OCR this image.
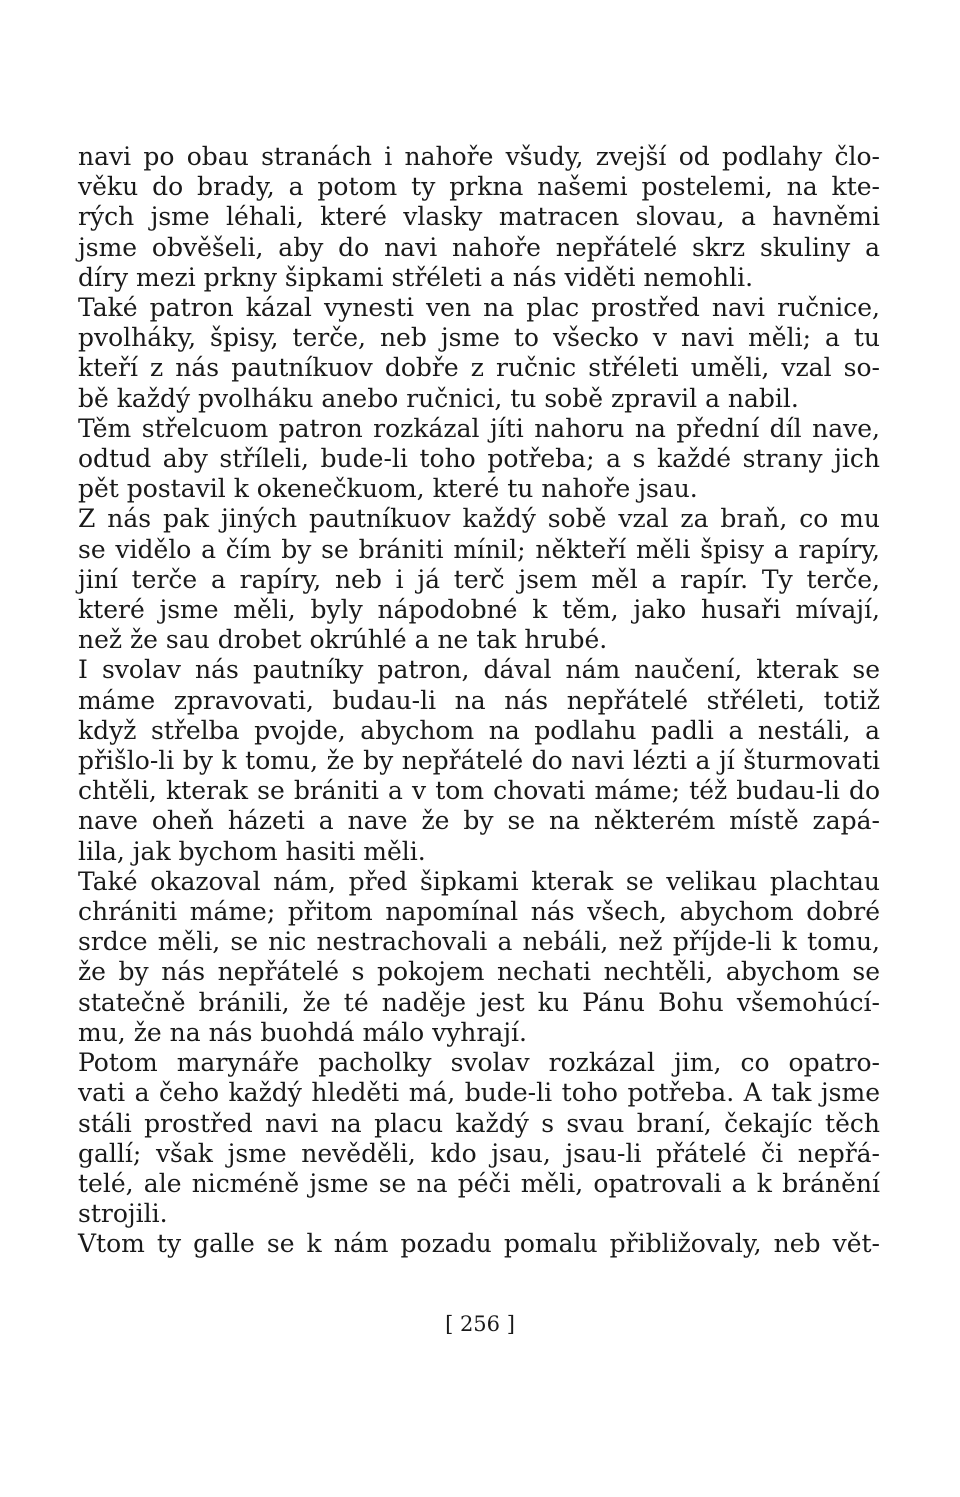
navi po obau stranách i nahoře všudy, zvejší od podlahy člo-
věku do brady, a potom ty prkna našemi postelemi, na kte-
rých jsme léhali, které vlasky matracen slovau, a havněmi
jsme obvěšeli, aby do navi nahoře nepřátelé skrz skuliny a
díry mezi prkny šipkami střéleti a nás viděti nemohli.
Také patron kázal vynesti ven na plac prostřed navi ručnice,
pvolháky, špisy, terče, neb jsme to všecko v navi měli; a tu
kteří z nás pautníkuov dobře z ručnic střéleti uměli, vzal so-
bě každý pvolháku anebo ručnici, tu sobě zpravil a nabil.
Těm střelcuom patron rozkázal jíti nahoru na přední díl nave,
odtud aby stříleli, bude-li toho potřeba; a s každé strany jich
pět postavil k okenečkuom, které tu nahoře jsau.
Z nás pak jiných pautníkuov každý sobě vzal za braň, co mu
se vidělo a čím by se brániti mínil; někteří měli špisy a rapíry,
jiní terče a rapíry, neb i já terč jsem měl a rapír. Ty terče,
které jsme měli, byly nápodobné k těm, jako husaři mívají,
než že sau drobet okrúhlé a ne tak hrubé.
I svolav nás pautníky patron, dával nám naučení, kterak se
máme zpravovati, budau-li na nás nepřátelé střéleti, totiž
když střelba pvojde, abychom na podlahu padli a nestáli, a
přišlo-li by k tomu, že by nepřátelé do navi lézti a jí šturmovati
chtěli, kterak se brániti a v tom chovati máme; též budau-li do
nave oheň házeti a nave že by se na některém místě zapá-
lila, jak bychom hasiti měli.
Také okazoval nám, před šipkami kterak se velikau plachtau
chrániti máme; přitom napomínal nás všech, abychom dobré
srdce měli, se nic nestrachovali a nebáli, než příjde-li k tomu,
že by nás nepřátelé s pokojem nechati nechtěli, abychom se
statečně bránili, že té naděje jest ku Pánu Bohu všemohúcí-
mu, že na nás buohdá málo vyhrají.
Potom marynáře pacholky svolav rozkázal jim, co opatro-
vati a čeho každý hleděti má, bude-li toho potřeba. A tak jsme
stáli prostřed navi na placu každý s svau braní, čekajíc těch
gallí; však jsme nevěděli, kdo jsau, jsau-li přátelé či nepřá-
telé, ale nicméně jsme se na péči měli, opatrovali a k bránění
strojili.
Vtom ty galle se k nám pozadu pomalu přibližovaly, neb vět-
[ 256 ]
